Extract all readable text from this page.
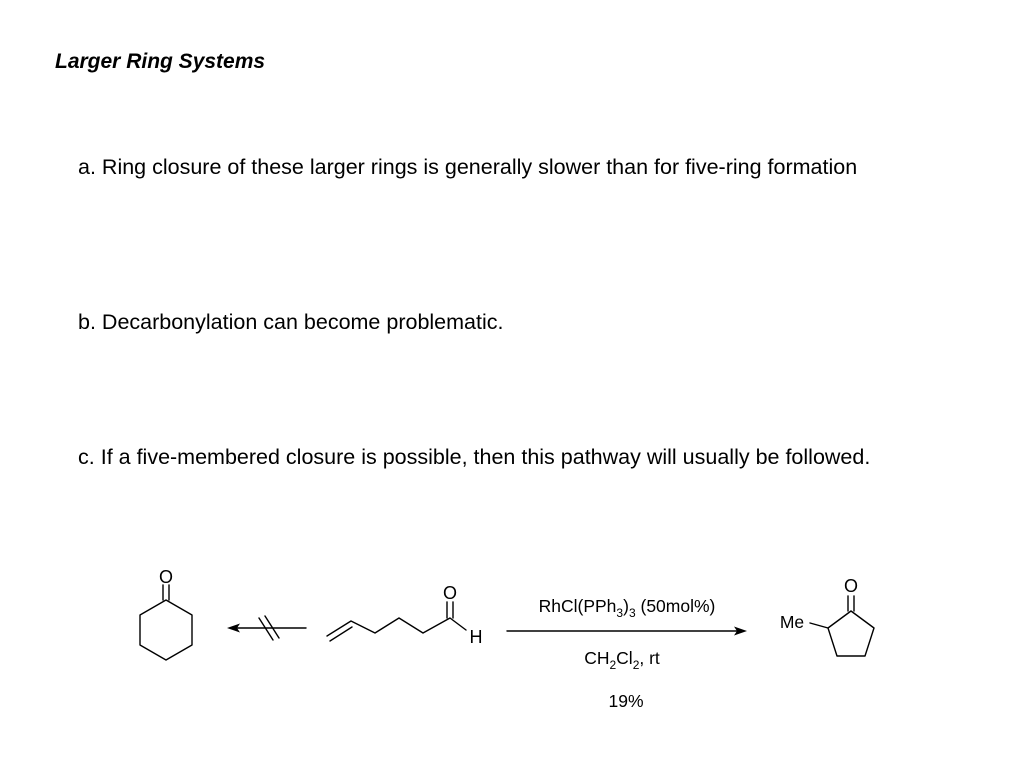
Larger Ring Systems

a. Ring closure of these larger rings is generally slower than for five-ring formation

b. Decarbonylation can become problematic.

c. If a five-membered closure is possible, then this pathway will usually be followed.

O
O
H
$RhCl(PPh_3)_3$ (50mol%)
$CH_2Cl_2$, rt
19%
O
Me
